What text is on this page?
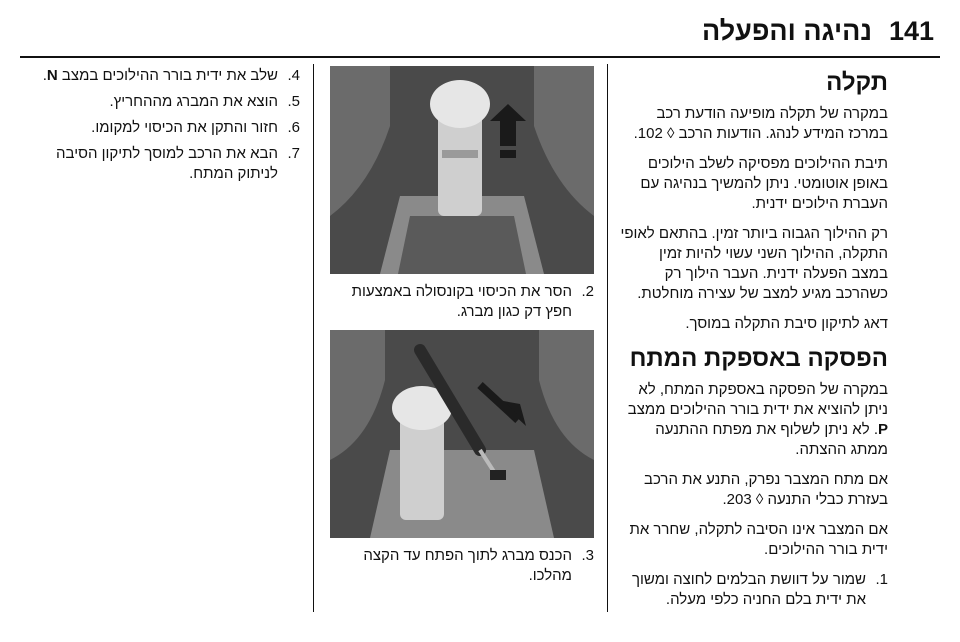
141
נהיגה והפעלה
תקלה

במקרה של תקלה מופיעה הודעת רכב במרכז המידע לנהג. הודעות הרכב ◊ 102.

תיבת ההילוכים מפסיקה לשלב הילוכים באופן אוטומטי. ניתן להמשיך בנהיגה עם העברת הילוכים ידנית.

רק ההילוך הגבוה ביותר זמין. בהתאם לאופי התקלה, ההילוך השני עשוי להיות זמין במצב הפעלה ידנית. העבר הילוך רק כשהרכב מגיע למצב של עצירה מוחלטת.

דאג לתיקון סיבת התקלה במוסך.

הפסקה באספקת המתח

במקרה של הפסקה באספקת המתח, לא ניתן להוציא את ידית בורר ההילוכים ממצב P. לא ניתן לשלוף את מפתח ההתנעה ממתג ההצתה.

אם מתח המצבר נפרק, התנע את הרכב בעזרת כבלי התנעה ◊ 203.

אם המצבר אינו הסיבה לתקלה, שחרר את ידית בורר ההילוכים.

1.
שמור על דוושת הבלמים לחוצה ומשוך את ידית בלם החניה כלפי מעלה.
2.
הסר את הכיסוי בקונסולה באמצעות חפץ דק כגון מברג.
3.
הכנס מברג לתוך הפתח עד הקצה מהלכו.
4.
שלב את ידית בורר ההילוכים במצב N.
5.
הוצא את המברג מההחריץ.
6.
חזור והתקן את הכיסוי למקומו.
7.
הבא את הרכב למוסך לתיקון הסיבה לניתוק המתח.
